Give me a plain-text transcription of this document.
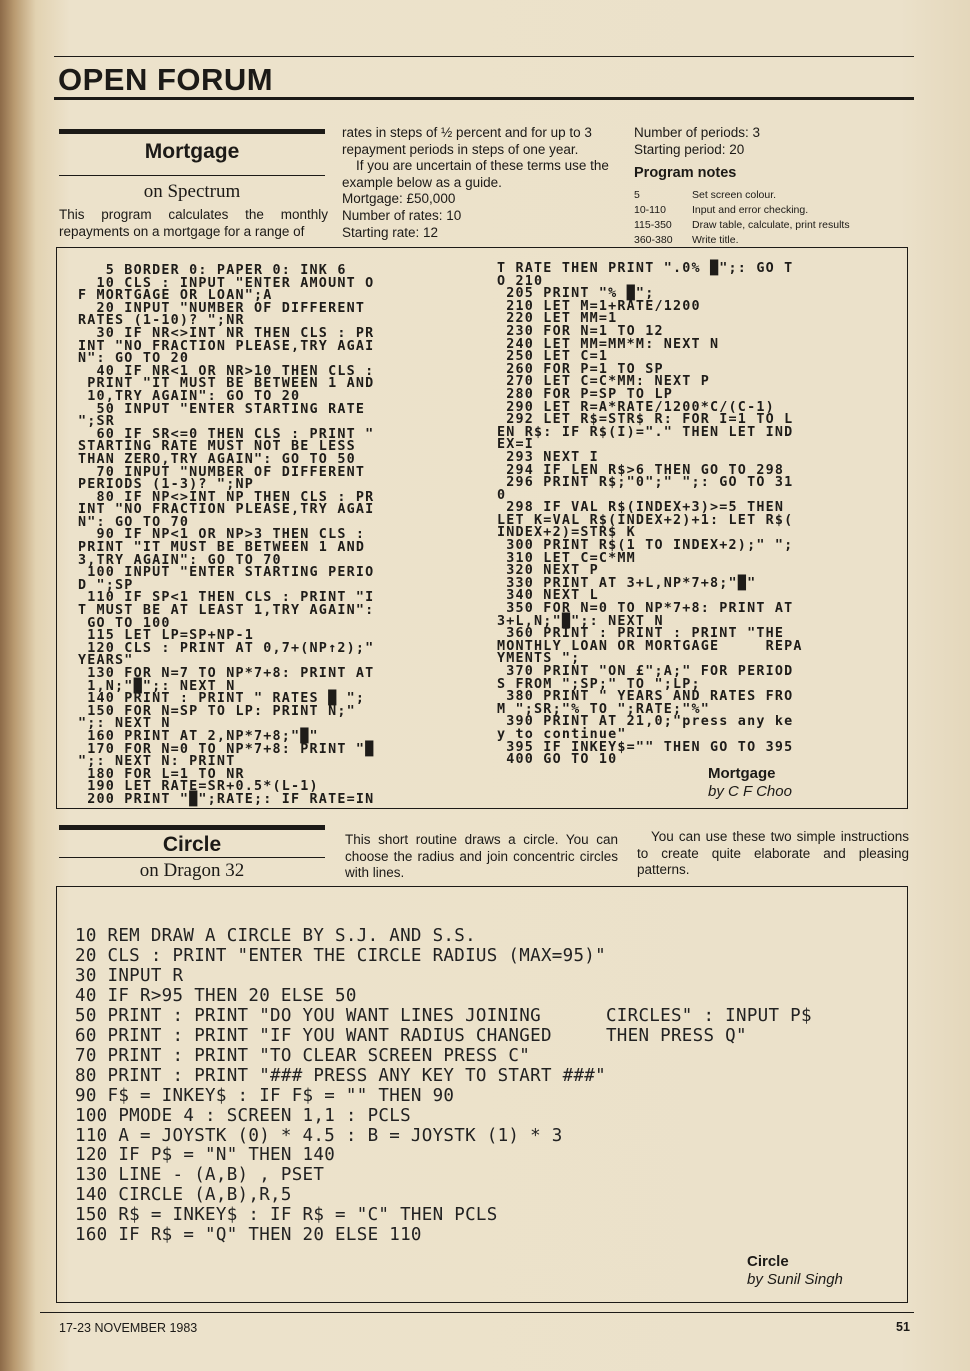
OPEN FORUM
Mortgage
on Spectrum

This program calculates the monthly repayments on a mortgage for a range of

rates in steps of ½ percent and for up to 3 repayment periods in steps of one year.

If you are uncertain of these terms use the example below as a guide.

Mortgage: £50,000

Number of rates: 10

Starting rate: 12

Number of periods: 3

Starting period: 20

Program notes

5	Set screen colour.
10-110	Input and error checking.
115-350	Draw table, calculate, print results
360-380	Write title.
5 BORDER 0: PAPER 0: INK 6
10 CLS : INPUT "ENTER AMOUNT O
F MORTGAGE OR LOAN";A
20 INPUT "NUMBER OF DIFFERENT
RATES (1-10)? ";NR
30 IF NR<>INT NR THEN CLS : PR
INT "NO FRACTION PLEASE,TRY AGAI
N": GO TO 20
40 IF NR<1 OR NR>10 THEN CLS :
PRINT "IT MUST BE BETWEEN 1 AND
10,TRY AGAIN": GO TO 20
50 INPUT "ENTER STARTING RATE
";SR
60 IF SR<=0 THEN CLS : PRINT "
STARTING RATE MUST NOT BE LESS
THAN ZERO,TRY AGAIN": GO TO 50
70 INPUT "NUMBER OF DIFFERENT
PERIODS (1-3)? ";NP
80 IF NP<>INT NP THEN CLS : PR
INT "NO FRACTION PLEASE,TRY AGAI
N": GO TO 70
90 IF NP<1 OR NP>3 THEN CLS :
PRINT "IT MUST BE BETWEEN 1 AND
3,TRY AGAIN": GO TO 70
100 INPUT "ENTER STARTING PERIO
D ";SP
110 IF SP<1 THEN CLS : PRINT "I
T MUST BE AT LEAST 1,TRY AGAIN":
GO TO 100
115 LET LP=SP+NP-1
120 CLS : PRINT AT 0,7+(NP↑2);"
YEARS"
130 FOR N=7 TO NP*7+8: PRINT AT
1,N;"█";: NEXT N
140 PRINT : PRINT " RATES █ ";
150 FOR N=SP TO LP: PRINT N;"
";: NEXT N
160 PRINT AT 2,NP*7+8;"█"
170 FOR N=0 TO NP*7+8: PRINT "█
";: NEXT N: PRINT
180 FOR L=1 TO NR
190 LET RATE=SR+0.5*(L-1)
200 PRINT "█";RATE;: IF RATE=IN
T RATE THEN PRINT ".0% █";: GO T
O 210
205 PRINT "% █";
210 LET M=1+RATE/1200
220 LET MM=1
230 FOR N=1 TO 12
240 LET MM=MM*M: NEXT N
250 LET C=1
260 FOR P=1 TO SP
270 LET C=C*MM: NEXT P
280 FOR P=SP TO LP
290 LET R=A*RATE/1200*C/(C-1)
292 LET R$=STR$ R: FOR I=1 TO L
EN R$: IF R$(I)="." THEN LET IND
EX=I
293 NEXT I
294 IF LEN R$>6 THEN GO TO 298
296 PRINT R$;"0";" ";: GO TO 31
0
298 IF VAL R$(INDEX+3)>=5 THEN
LET K=VAL R$(INDEX+2)+1: LET R$(
INDEX+2)=STR$ K
300 PRINT R$(1 TO INDEX+2);" ";
310 LET C=C*MM
320 NEXT P
330 PRINT AT 3+L,NP*7+8;"█"
340 NEXT L
350 FOR N=0 TO NP*7+8: PRINT AT
3+L,N;"█";: NEXT N
360 PRINT : PRINT : PRINT "THE
MONTHLY LOAN OR MORTGAGE     REPA
YMENTS ";
370 PRINT "ON £";A;" FOR PERIOD
S FROM ";SP;" TO ";LP;
380 PRINT " YEARS AND RATES FRO
M ";SR;"% TO ";RATE;"%"
390 PRINT AT 21,0;"press any ke
y to continue"
395 IF INKEY$="" THEN GO TO 395
400 GO TO 10
Mortgage
by C F Choo
Circle
on Dragon 32

This short routine draws a circle. You can choose the radius and join concentric circles with lines.

You can use these two simple instructions to create quite elaborate and pleasing patterns.

10 REM DRAW A CIRCLE BY S.J. AND S.S.
20 CLS : PRINT "ENTER THE CIRCLE RADIUS (MAX=95)"
30 INPUT R
40 IF R>95 THEN 20 ELSE 50
50 PRINT : PRINT "DO YOU WANT LINES JOINING      CIRCLES" : INPUT P$
60 PRINT : PRINT "IF YOU WANT RADIUS CHANGED     THEN PRESS Q"
70 PRINT : PRINT "TO CLEAR SCREEN PRESS C"
80 PRINT : PRINT "### PRESS ANY KEY TO START ###"
90 F$ = INKEY$ : IF F$ = "" THEN 90
100 PMODE 4 : SCREEN 1,1 : PCLS
110 A = JOYSTK (0) * 4.5 : B = JOYSTK (1) * 3
120 IF P$ = "N" THEN 140
130 LINE - (A,B) , PSET
140 CIRCLE (A,B),R,5
150 R$ = INKEY$ : IF R$ = "C" THEN PCLS
160 IF R$ = "Q" THEN 20 ELSE 110
Circle
by Sunil Singh
17-23 NOVEMBER 1983	51
